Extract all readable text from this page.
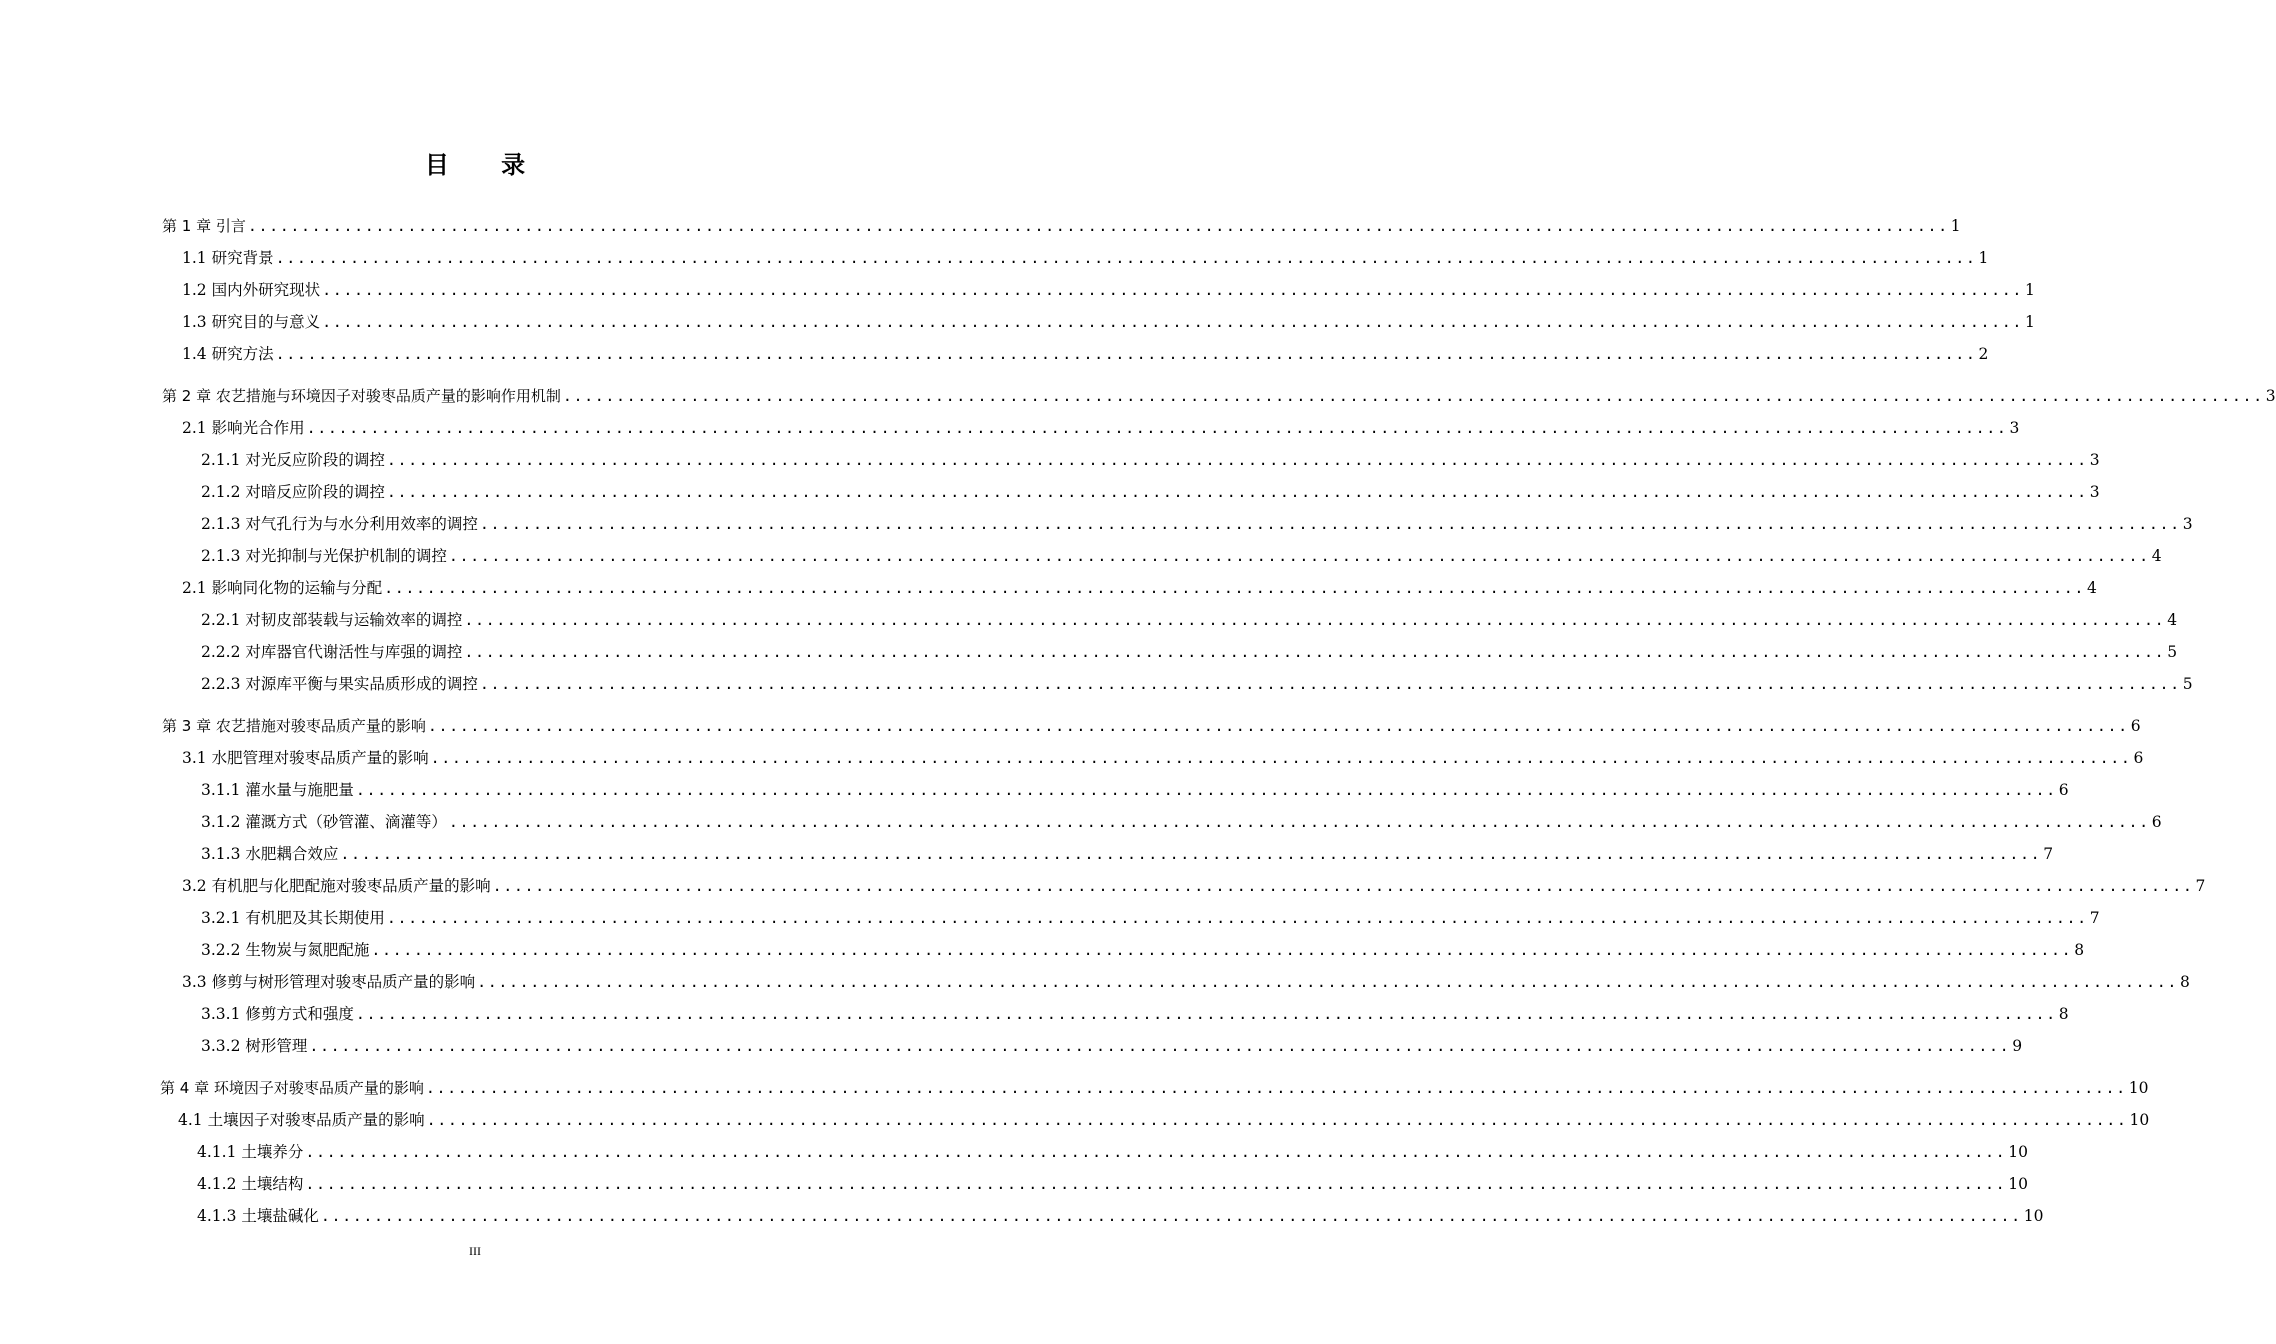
目 录
第 1 章 引言 ................................................................................................................................................................ 1
1.1 研究背景 ................................................................................................................................................................ 1
1.2 国内外研究现状 ................................................................................................................................................................ 1
1.3 研究目的与意义 ................................................................................................................................................................ 1
1.4 研究方法 ................................................................................................................................................................ 2
第 2 章 农艺措施与环境因子对骏枣品质产量的影响作用机制 ................................................................................................................................................................ 3
2.1 影响光合作用 ................................................................................................................................................................ 3
2.1.1 对光反应阶段的调控 ................................................................................................................................................................ 3
2.1.2 对暗反应阶段的调控 ................................................................................................................................................................ 3
2.1.3 对气孔行为与水分利用效率的调控 ................................................................................................................................................................ 3
2.1.3 对光抑制与光保护机制的调控 ................................................................................................................................................................ 4
2.1 影响同化物的运输与分配 ................................................................................................................................................................ 4
2.2.1 对韧皮部装载与运输效率的调控 ................................................................................................................................................................ 4
2.2.2 对库器官代谢活性与库强的调控 ................................................................................................................................................................ 5
2.2.3 对源库平衡与果实品质形成的调控 ................................................................................................................................................................ 5
第 3 章 农艺措施对骏枣品质产量的影响 ................................................................................................................................................................ 6
3.1 水肥管理对骏枣品质产量的影响 ................................................................................................................................................................ 6
3.1.1 灌水量与施肥量 ................................................................................................................................................................ 6
3.1.2 灌溉方式（砂管灌、滴灌等） ................................................................................................................................................................ 6
3.1.3 水肥耦合效应 ................................................................................................................................................................ 7
3.2 有机肥与化肥配施对骏枣品质产量的影响 ................................................................................................................................................................ 7
3.2.1 有机肥及其长期使用 ................................................................................................................................................................ 7
3.2.2 生物炭与氮肥配施 ................................................................................................................................................................ 8
3.3 修剪与树形管理对骏枣品质产量的影响 ................................................................................................................................................................ 8
3.3.1 修剪方式和强度 ................................................................................................................................................................ 8
3.3.2 树形管理 ................................................................................................................................................................ 9
第 4 章 环境因子对骏枣品质产量的影响 ................................................................................................................................................................ 10
4.1 土壤因子对骏枣品质产量的影响 ................................................................................................................................................................ 10
4.1.1 土壤养分 ................................................................................................................................................................ 10
4.1.2 土壤结构 ................................................................................................................................................................ 10
4.1.3 土壤盐碱化 ................................................................................................................................................................ 10
III
